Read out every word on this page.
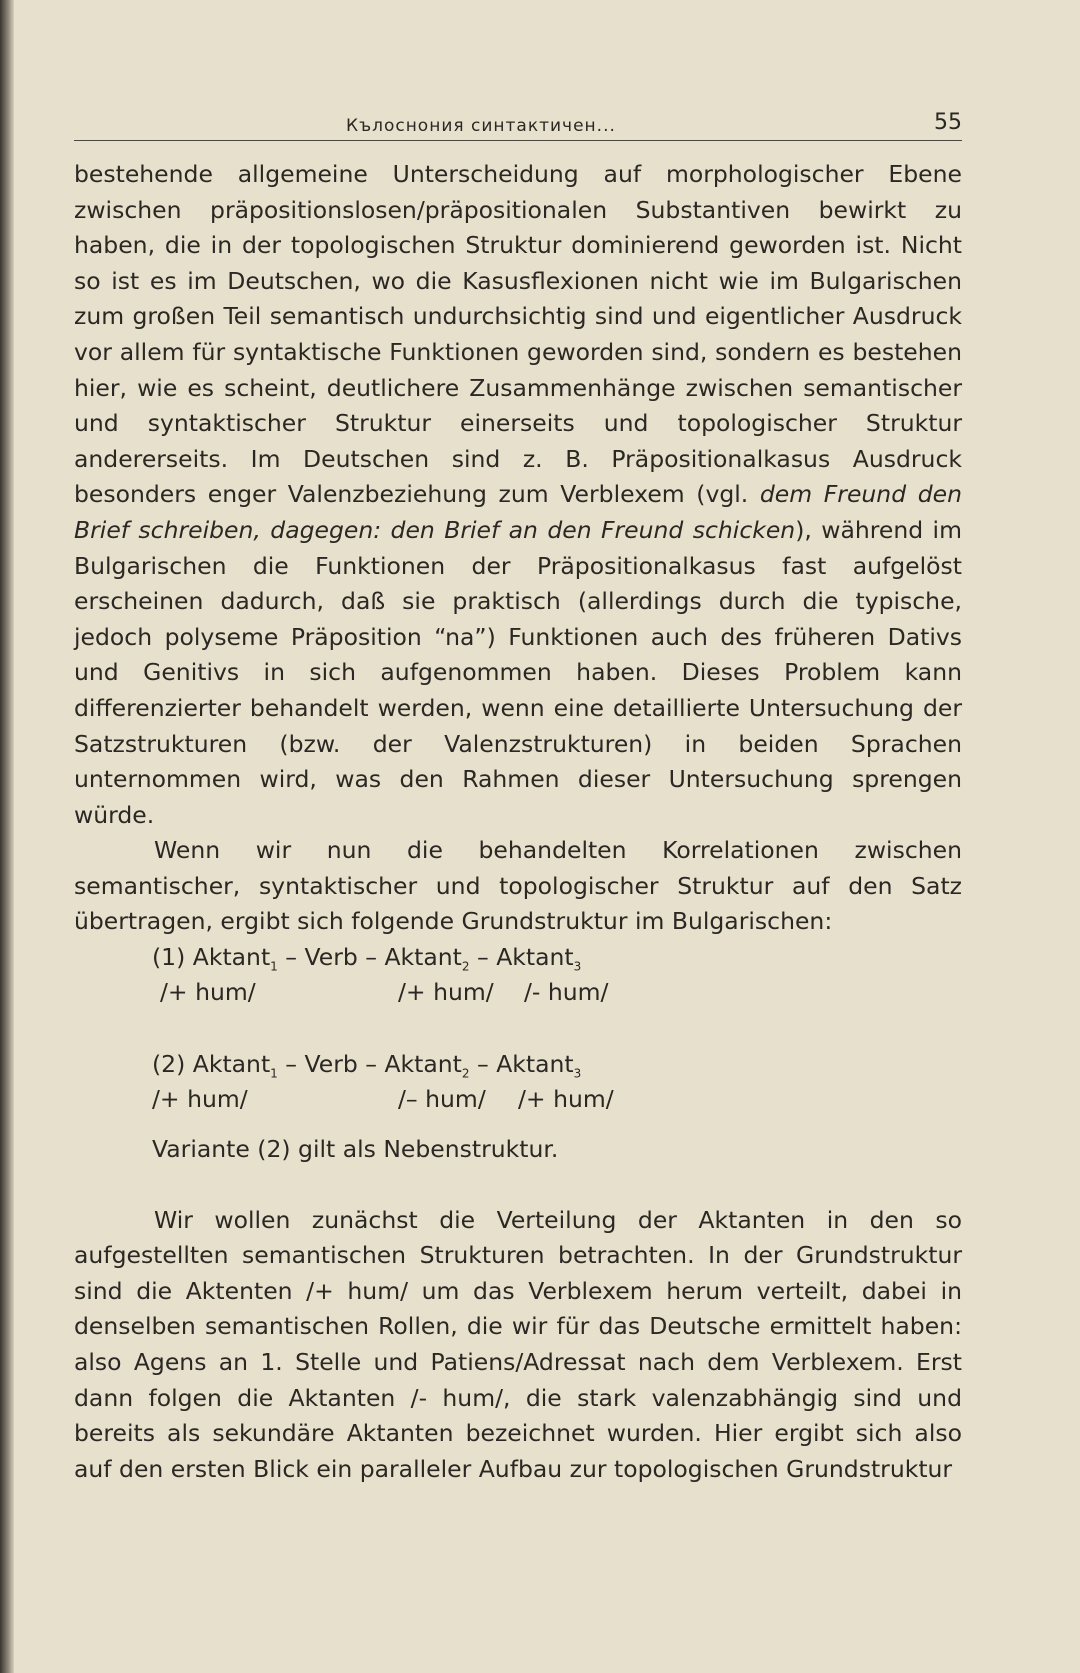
Кълоснония синтактичен...	55

bestehende allgemeine Unterscheidung auf morphologischer Ebene zwischen präpositionslosen/präpositionalen Substantiven bewirkt zu haben, die in der topologischen Struktur dominierend geworden ist. Nicht so ist es im Deutschen, wo die Kasusflexionen nicht wie im Bulgarischen zum großen Teil semantisch undurchsichtig sind und eigentlicher Ausdruck vor allem für syntaktische Funktionen geworden sind, sondern es bestehen hier, wie es scheint, deutlichere Zusammenhänge zwischen semantischer und syntaktischer Struktur einerseits und topologischer Struktur andererseits. Im Deutschen sind z. B. Präpositionalkasus Ausdruck besonders enger Valenzbeziehung zum Verblexem (vgl. dem Freund den Brief schreiben, dagegen: den Brief an den Freund schicken), während im Bulgarischen die Funktionen der Präpositionalkasus fast aufgelöst erscheinen dadurch, daß sie praktisch (allerdings durch die typische, jedoch polyseme Präposition “na”) Funktionen auch des früheren Dativs und Genitivs in sich aufgenommen haben. Dieses Problem kann differenzierter behandelt werden, wenn eine detaillierte Untersuchung der Satzstrukturen (bzw. der Valenzstrukturen) in beiden Sprachen unternommen wird, was den Rahmen dieser Untersuchung sprengen würde.

Wenn wir nun die behandelten Korrelationen zwischen semantischer, syntaktischer und topologischer Struktur auf den Satz übertragen, ergibt sich folgende Grundstruktur im Bulgarischen:

(1) Aktant$_1$ – Verb – Aktant$_2$ – Aktant$_3$
/+ hum/	/+ hum/ /- hum/
(2) Aktant$_1$ – Verb – Aktant$_2$ – Aktant$_3$
/+ hum/	/– hum/ /+ hum/

Variante (2) gilt als Nebenstruktur.

Wir wollen zunächst die Verteilung der Aktanten in den so aufgestellten semantischen Strukturen betrachten. In der Grundstruktur sind die Aktenten /+ hum/ um das Verblexem herum verteilt, dabei in denselben semantischen Rollen, die wir für das Deutsche ermittelt haben: also Agens an 1. Stelle und Patiens/Adressat nach dem Verblexem. Erst dann folgen die Aktanten /- hum/, die stark valenzabhängig sind und bereits als sekundäre Aktanten bezeichnet wurden. Hier ergibt sich also auf den ersten Blick ein paralleler Aufbau zur topologischen Grundstruktur
